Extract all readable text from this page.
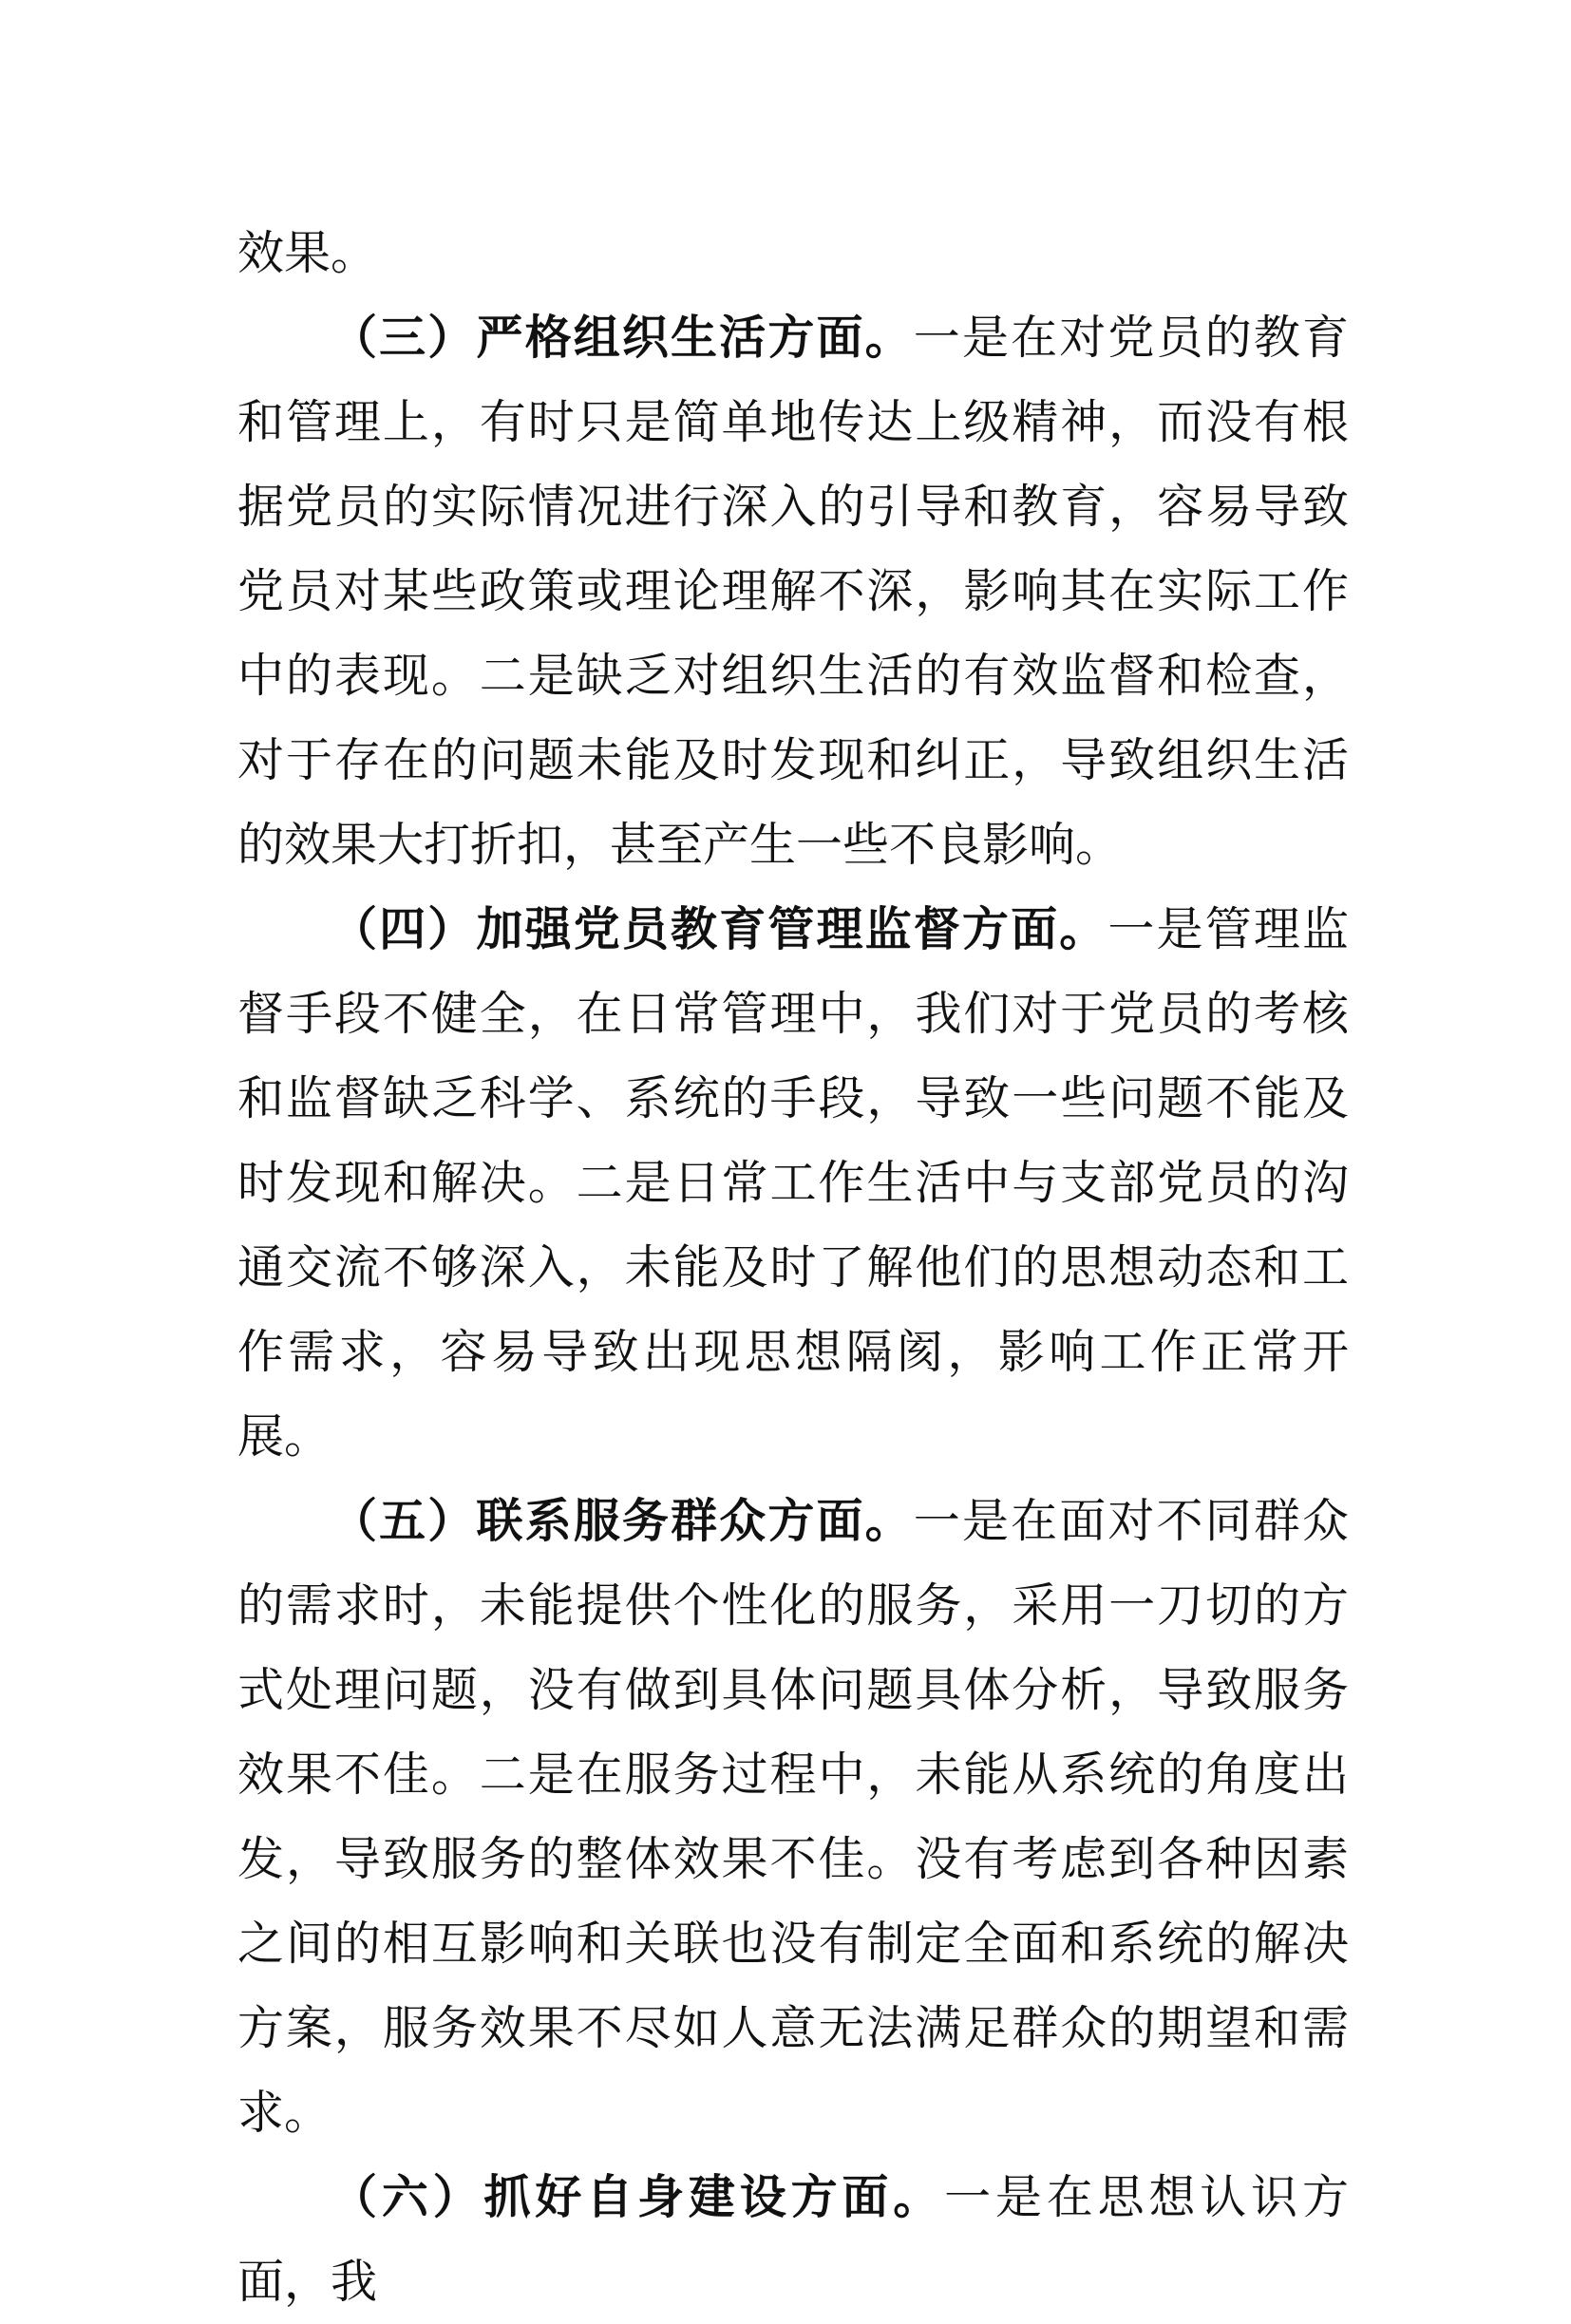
效果。

（三）严格组织生活方面。一是在对党员的教育和管理上，有时只是简单地传达上级精神，而没有根据党员的实际情况进行深入的引导和教育，容易导致党员对某些政策或理论理解不深，影响其在实际工作中的表现。二是缺乏对组织生活的有效监督和检查，对于存在的问题未能及时发现和纠正，导致组织生活的效果大打折扣，甚至产生一些不良影响。

（四）加强党员教育管理监督方面。一是管理监督手段不健全，在日常管理中，我们对于党员的考核和监督缺乏科学、系统的手段，导致一些问题不能及时发现和解决。二是日常工作生活中与支部党员的沟通交流不够深入，未能及时了解他们的思想动态和工作需求，容易导致出现思想隔阂，影响工作正常开展。

（五）联系服务群众方面。一是在面对不同群众的需求时，未能提供个性化的服务，采用一刀切的方式处理问题，没有做到具体问题具体分析，导致服务效果不佳。二是在服务过程中，未能从系统的角度出发，导致服务的整体效果不佳。没有考虑到各种因素之间的相互影响和关联也没有制定全面和系统的解决方案，服务效果不尽如人意无法满足群众的期望和需求。

（六）抓好自身建设方面。一是在思想认识方面，我
